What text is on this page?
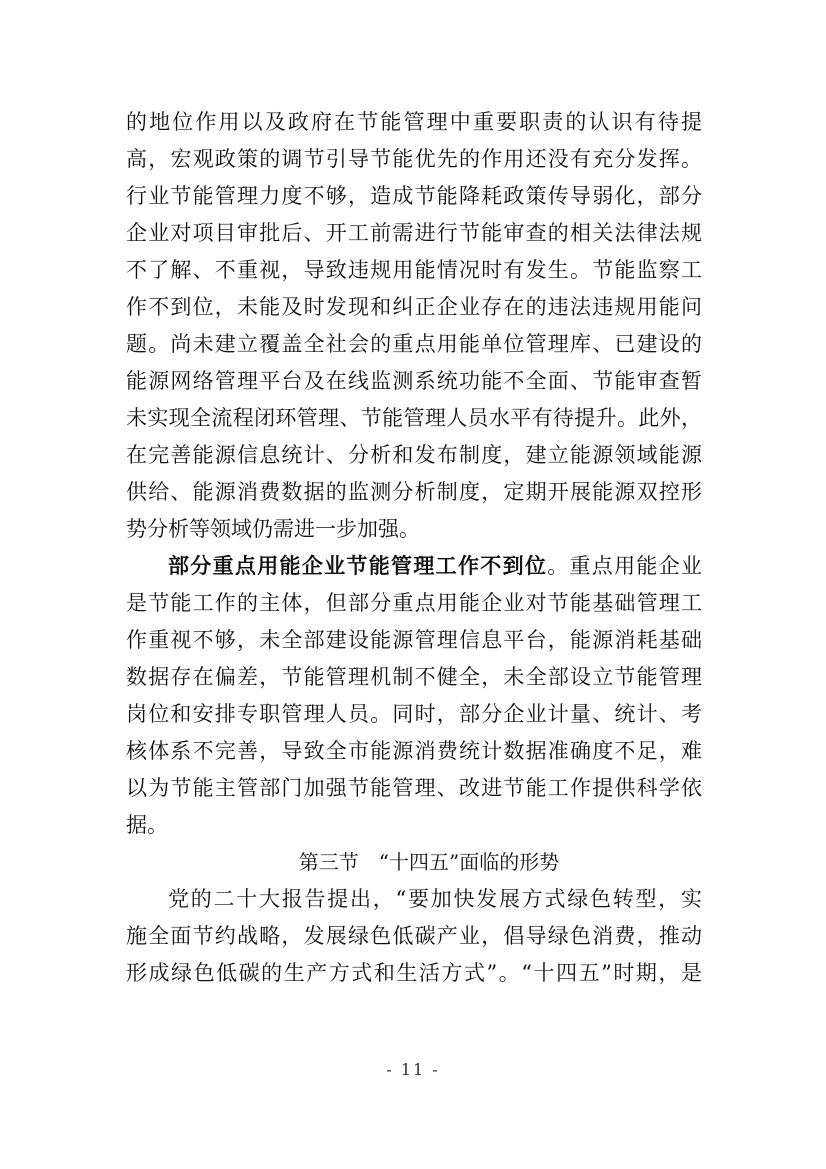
的地位作用以及政府在节能管理中重要职责的认识有待提
高，宏观政策的调节引导节能优先的作用还没有充分发挥。
行业节能管理力度不够，造成节能降耗政策传导弱化，部分
企业对项目审批后、开工前需进行节能审查的相关法律法规
不了解、不重视，导致违规用能情况时有发生。节能监察工
作不到位，未能及时发现和纠正企业存在的违法违规用能问
题。尚未建立覆盖全社会的重点用能单位管理库、已建设的
能源网络管理平台及在线监测系统功能不全面、节能审查暂
未实现全流程闭环管理、节能管理人员水平有待提升。此外，
在完善能源信息统计、分析和发布制度，建立能源领域能源
供给、能源消费数据的监测分析制度，定期开展能源双控形
势分析等领域仍需进一步加强。
部分重点用能企业节能管理工作不到位。重点用能企业
是节能工作的主体，但部分重点用能企业对节能基础管理工
作重视不够，未全部建设能源管理信息平台，能源消耗基础
数据存在偏差，节能管理机制不健全，未全部设立节能管理
岗位和安排专职管理人员。同时，部分企业计量、统计、考
核体系不完善，导致全市能源消费统计数据准确度不足，难
以为节能主管部门加强节能管理、改进节能工作提供科学依
据。
第三节　“十四五”面临的形势
党的二十大报告提出，“要加快发展方式绿色转型，实
施全面节约战略，发展绿色低碳产业，倡导绿色消费，推动
形成绿色低碳的生产方式和生活方式”。“十四五”时期，是
- 11 -
